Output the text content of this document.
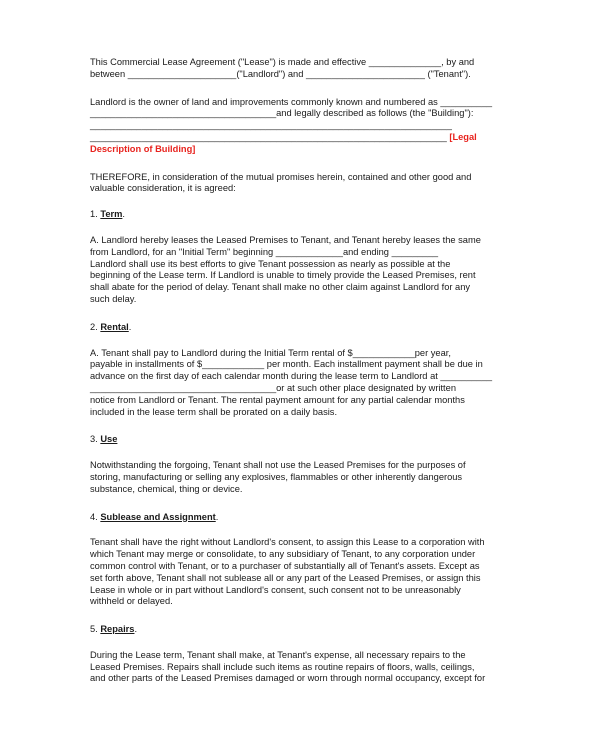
This Commercial Lease Agreement ("Lease") is made and effective ______________, by and
between _____________________("Landlord") and _______________________ ("Tenant").

Landlord is the owner of land and improvements commonly known and numbered as __________
____________________________________and legally described as follows (the "Building"):
______________________________________________________________________
_____________________________________________________________________ [Legal
Description of Building]

THEREFORE, in consideration of the mutual promises herein, contained and other good and
valuable consideration, it is agreed:

1. Term.

A. Landlord hereby leases the Leased Premises to Tenant, and Tenant hereby leases the same
from Landlord, for an "Initial Term" beginning _____________and ending _________
Landlord shall use its best efforts to give Tenant possession as nearly as possible at the
beginning of the Lease term. If Landlord is unable to timely provide the Leased Premises, rent
shall abate for the period of delay. Tenant shall make no other claim against Landlord for any
such delay.

2. Rental.

A. Tenant shall pay to Landlord during the Initial Term rental of $____________per year,
payable in installments of $____________ per month. Each installment payment shall be due in
advance on the first day of each calendar month during the lease term to Landlord at __________
____________________________________or at such other place designated by written
notice from Landlord or Tenant. The rental payment amount for any partial calendar months
included in the lease term shall be prorated on a daily basis.

3. Use

Notwithstanding the forgoing, Tenant shall not use the Leased Premises for the purposes of
storing, manufacturing or selling any explosives, flammables or other inherently dangerous
substance, chemical, thing or device.

4. Sublease and Assignment.

Tenant shall have the right without Landlord's consent, to assign this Lease to a corporation with
which Tenant may merge or consolidate, to any subsidiary of Tenant, to any corporation under
common control with Tenant, or to a purchaser of substantially all of Tenant's assets. Except as
set forth above, Tenant shall not sublease all or any part of the Leased Premises, or assign this
Lease in whole or in part without Landlord's consent, such consent not to be unreasonably
withheld or delayed.

5. Repairs.

During the Lease term, Tenant shall make, at Tenant's expense, all necessary repairs to the
Leased Premises. Repairs shall include such items as routine repairs of floors, walls, ceilings,
and other parts of the Leased Premises damaged or worn through normal occupancy, except for
